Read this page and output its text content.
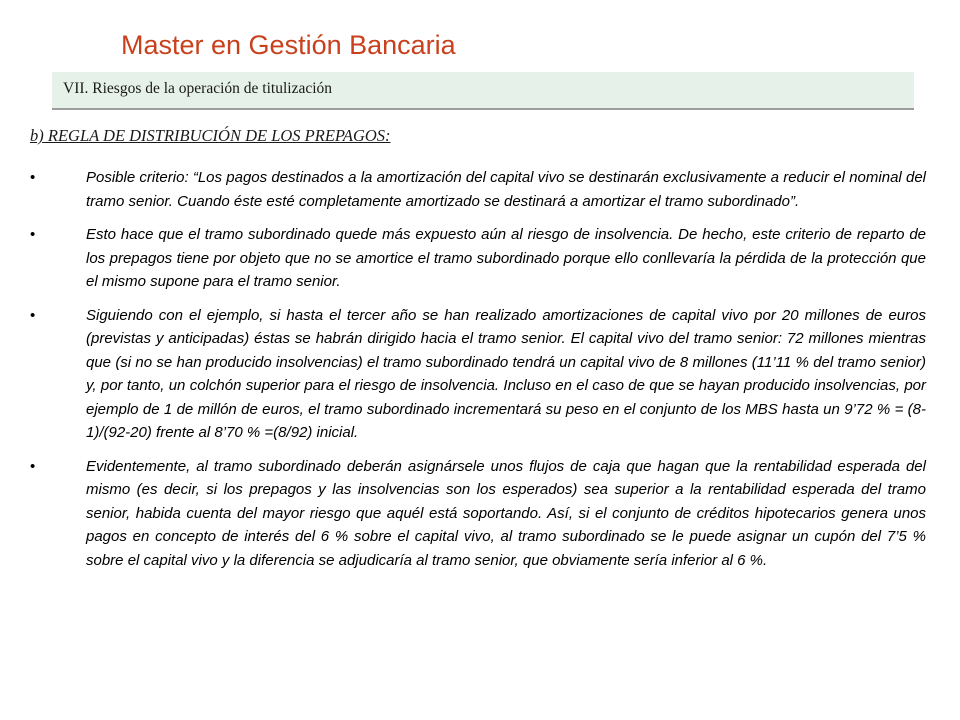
Master en Gestión Bancaria
VII. Riesgos de la operación de titulización
b) REGLA DE DISTRIBUCIÓN DE LOS PREPAGOS:
•	Posible criterio: “Los pagos destinados a la amortización del capital vivo se destinarán exclusivamente a reducir el nominal del tramo senior. Cuando éste esté completamente amortizado se destinará a amortizar el tramo subordinado”.

•	Esto hace que el tramo subordinado quede más expuesto aún al riesgo de insolvencia. De hecho, este criterio de reparto de los prepagos tiene por objeto que no se amortice el tramo subordinado porque ello conllevaría la pérdida de la protección que el mismo supone para el tramo senior.

•	Siguiendo con el ejemplo, si hasta el tercer año se han realizado amortizaciones de capital vivo por 20 millones de euros (previstas y anticipadas) éstas se habrán dirigido hacia el tramo senior. El capital vivo del tramo senior: 72 millones mientras que (si no se han producido insolvencias) el tramo subordinado tendrá un capital vivo de 8 millones (11’11 % del tramo senior) y, por tanto, un colchón superior para el riesgo de insolvencia. Incluso en el caso de que se hayan producido insolvencias, por ejemplo de 1 de millón de euros, el tramo subordinado incrementará su peso en el conjunto de los MBS hasta un 9’72 % = (8-1)/(92-20) frente al 8’70 % =(8/92) inicial.

•	Evidentemente, al tramo subordinado deberán asignársele unos flujos de caja que hagan que la rentabilidad esperada del mismo (es decir, si los prepagos y las insolvencias son los esperados) sea superior a la rentabilidad esperada del tramo senior, habida cuenta del mayor riesgo que aquél está soportando. Así, si el conjunto de créditos hipotecarios genera unos pagos en concepto de interés del 6 % sobre el capital vivo, al tramo subordinado se le puede asignar un cupón del 7’5 % sobre el capital vivo y la diferencia se adjudicaría al tramo senior, que obviamente sería inferior al 6 %.
